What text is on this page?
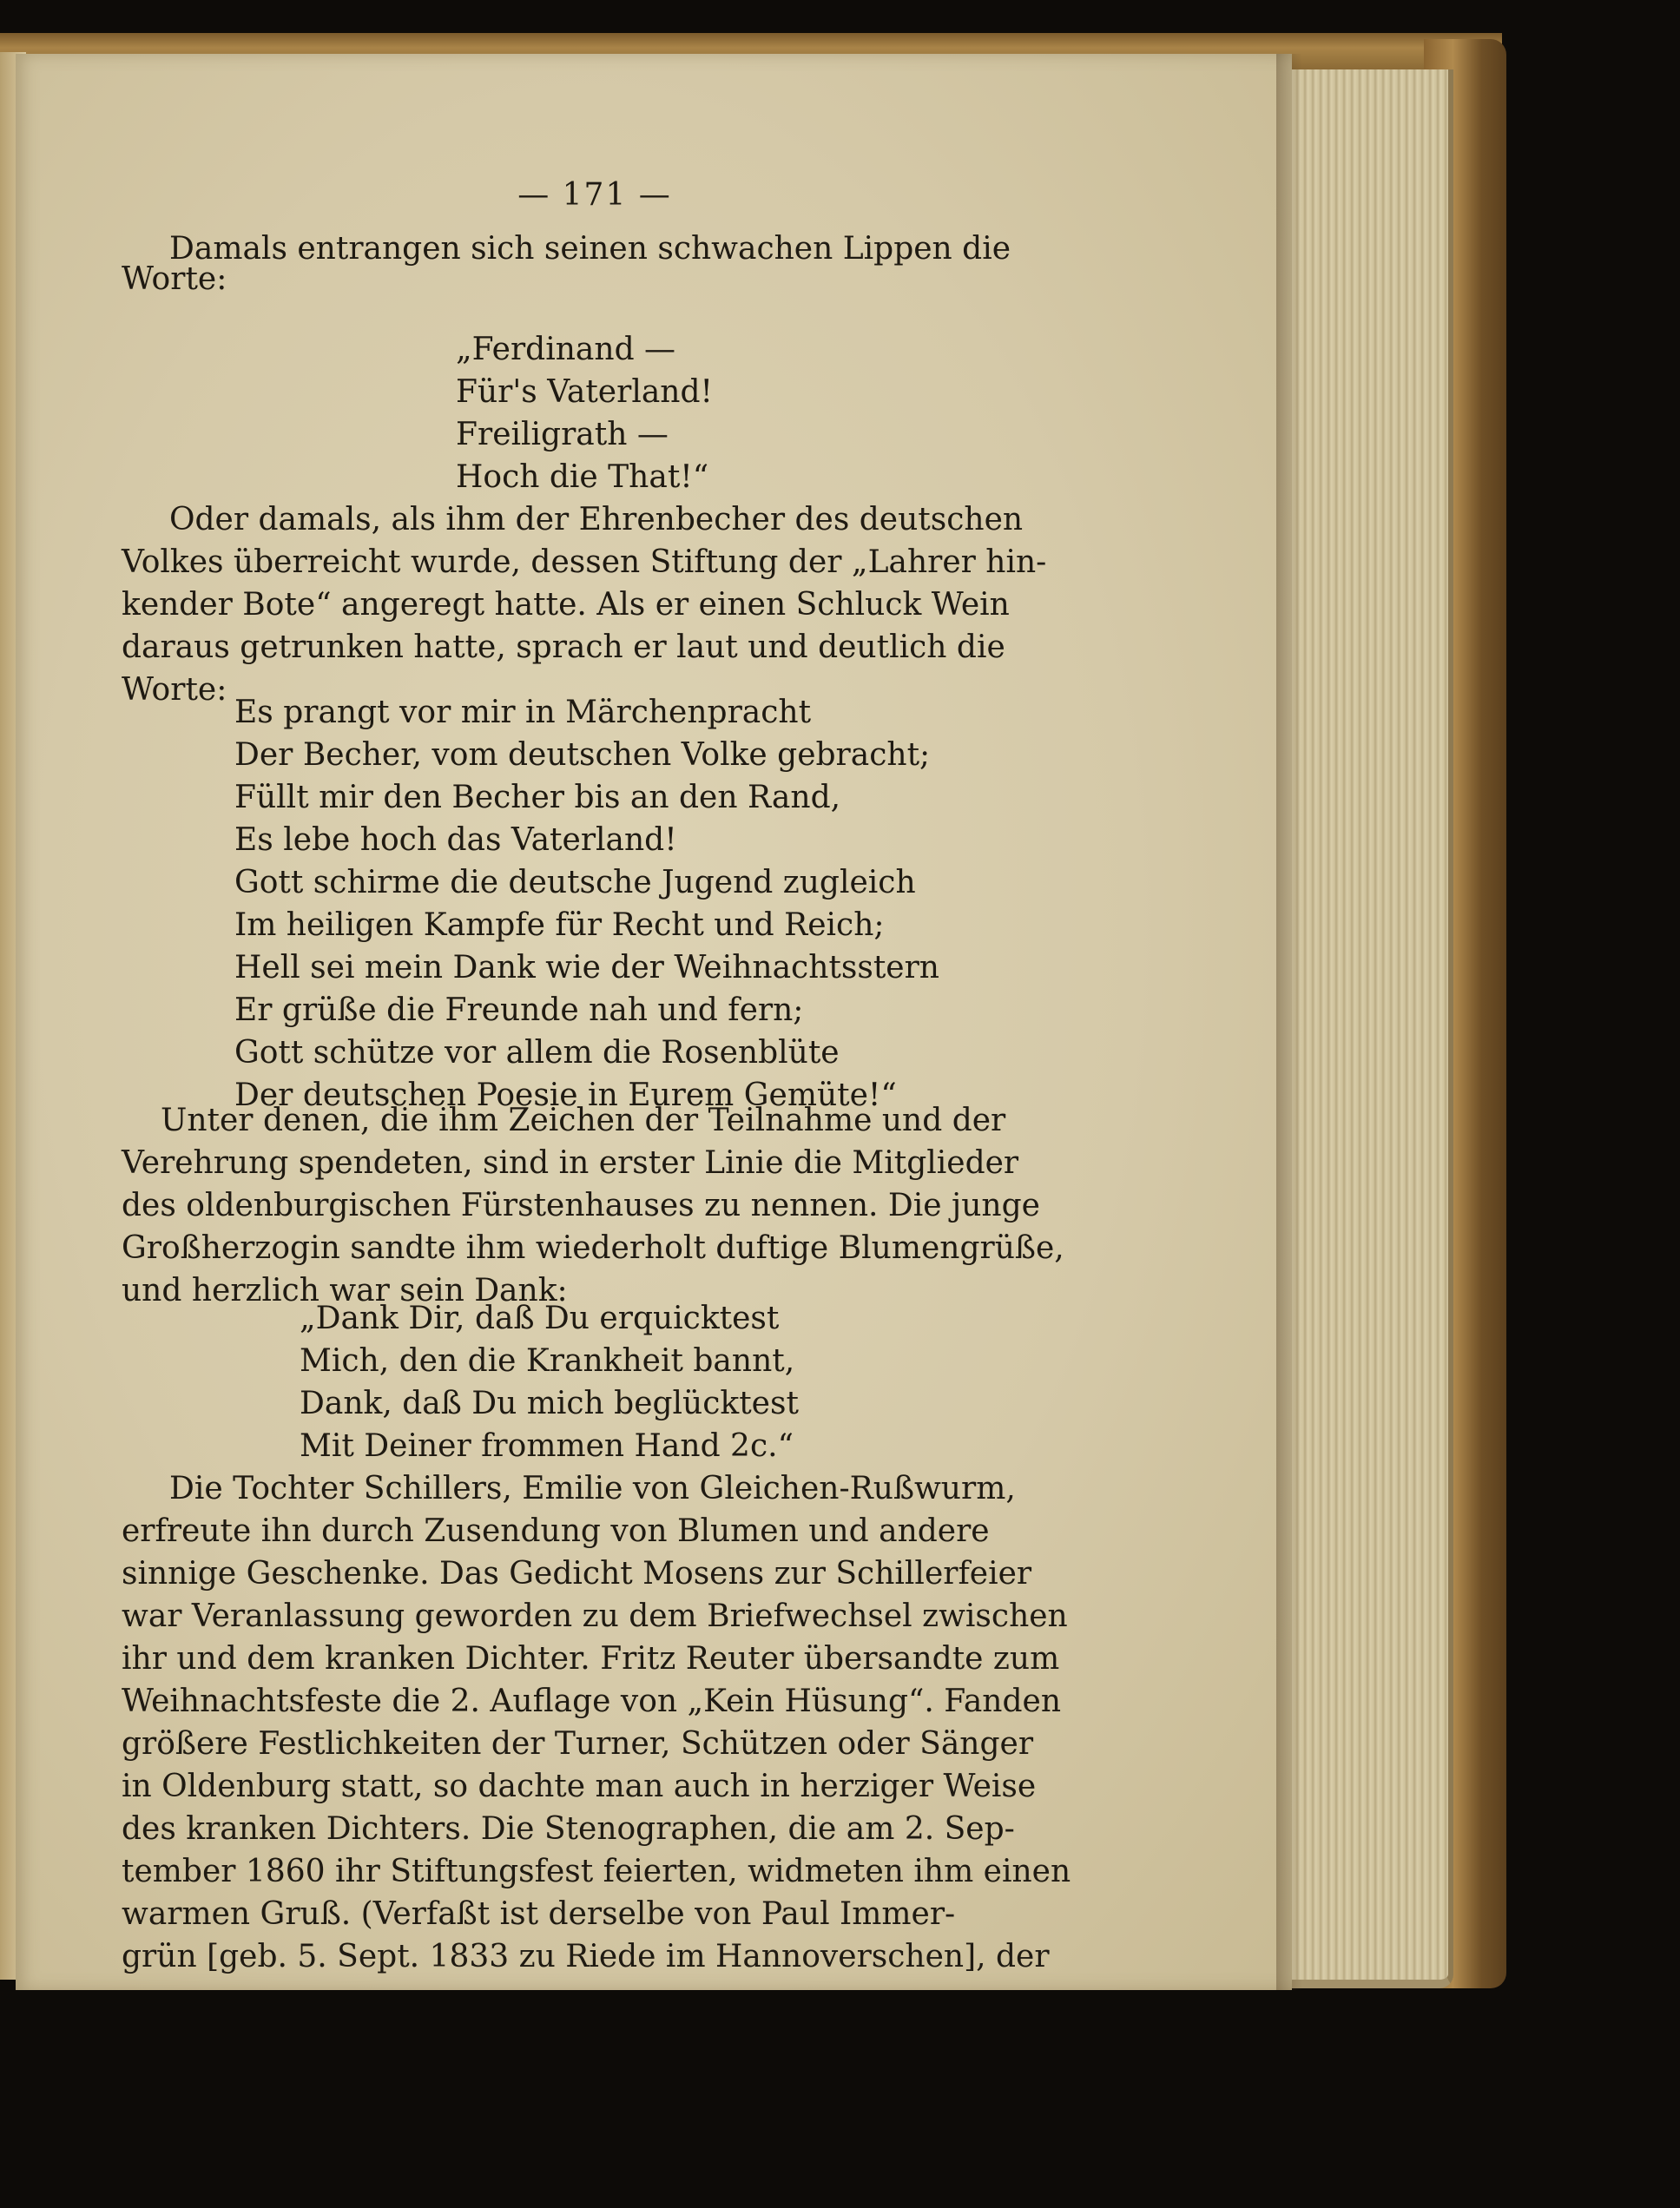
— 171 —
Damals entrangen sich seinen schwachen Lippen die
Worte:
„Ferdinand —
Für's Vaterland!
Freiligrath —
Hoch die That!“
Oder damals, als ihm der Ehrenbecher des deutschen
Volkes überreicht wurde, dessen Stiftung der „Lahrer hin-
kender Bote“ angeregt hatte. Als er einen Schluck Wein
daraus getrunken hatte, sprach er laut und deutlich die
Worte:
Es prangt vor mir in Märchenpracht
Der Becher, vom deutschen Volke gebracht;
Füllt mir den Becher bis an den Rand,
Es lebe hoch das Vaterland!
Gott schirme die deutsche Jugend zugleich
Im heiligen Kampfe für Recht und Reich;
Hell sei mein Dank wie der Weihnachtsstern
Er grüße die Freunde nah und fern;
Gott schütze vor allem die Rosenblüte
Der deutschen Poesie in Eurem Gemüte!“
Unter denen, die ihm Zeichen der Teilnahme und der
Verehrung spendeten, sind in erster Linie die Mitglieder
des oldenburgischen Fürstenhauses zu nennen. Die junge
Großherzogin sandte ihm wiederholt duftige Blumengrüße,
und herzlich war sein Dank:
„Dank Dir, daß Du erquicktest
Mich, den die Krankheit bannt,
Dank, daß Du mich beglücktest
Mit Deiner frommen Hand 2c.“
Die Tochter Schillers, Emilie von Gleichen-Rußwurm,
erfreute ihn durch Zusendung von Blumen und andere
sinnige Geschenke. Das Gedicht Mosens zur Schillerfeier
war Veranlassung geworden zu dem Briefwechsel zwischen
ihr und dem kranken Dichter. Fritz Reuter übersandte zum
Weihnachtsfeste die 2. Auflage von „Kein Hüsung“. Fanden
größere Festlichkeiten der Turner, Schützen oder Sänger
in Oldenburg statt, so dachte man auch in herziger Weise
des kranken Dichters. Die Stenographen, die am 2. Sep-
tember 1860 ihr Stiftungsfest feierten, widmeten ihm einen
warmen Gruß. (Verfaßt ist derselbe von Paul Immer-
grün [geb. 5. Sept. 1833 zu Riede im Hannoverschen], der
